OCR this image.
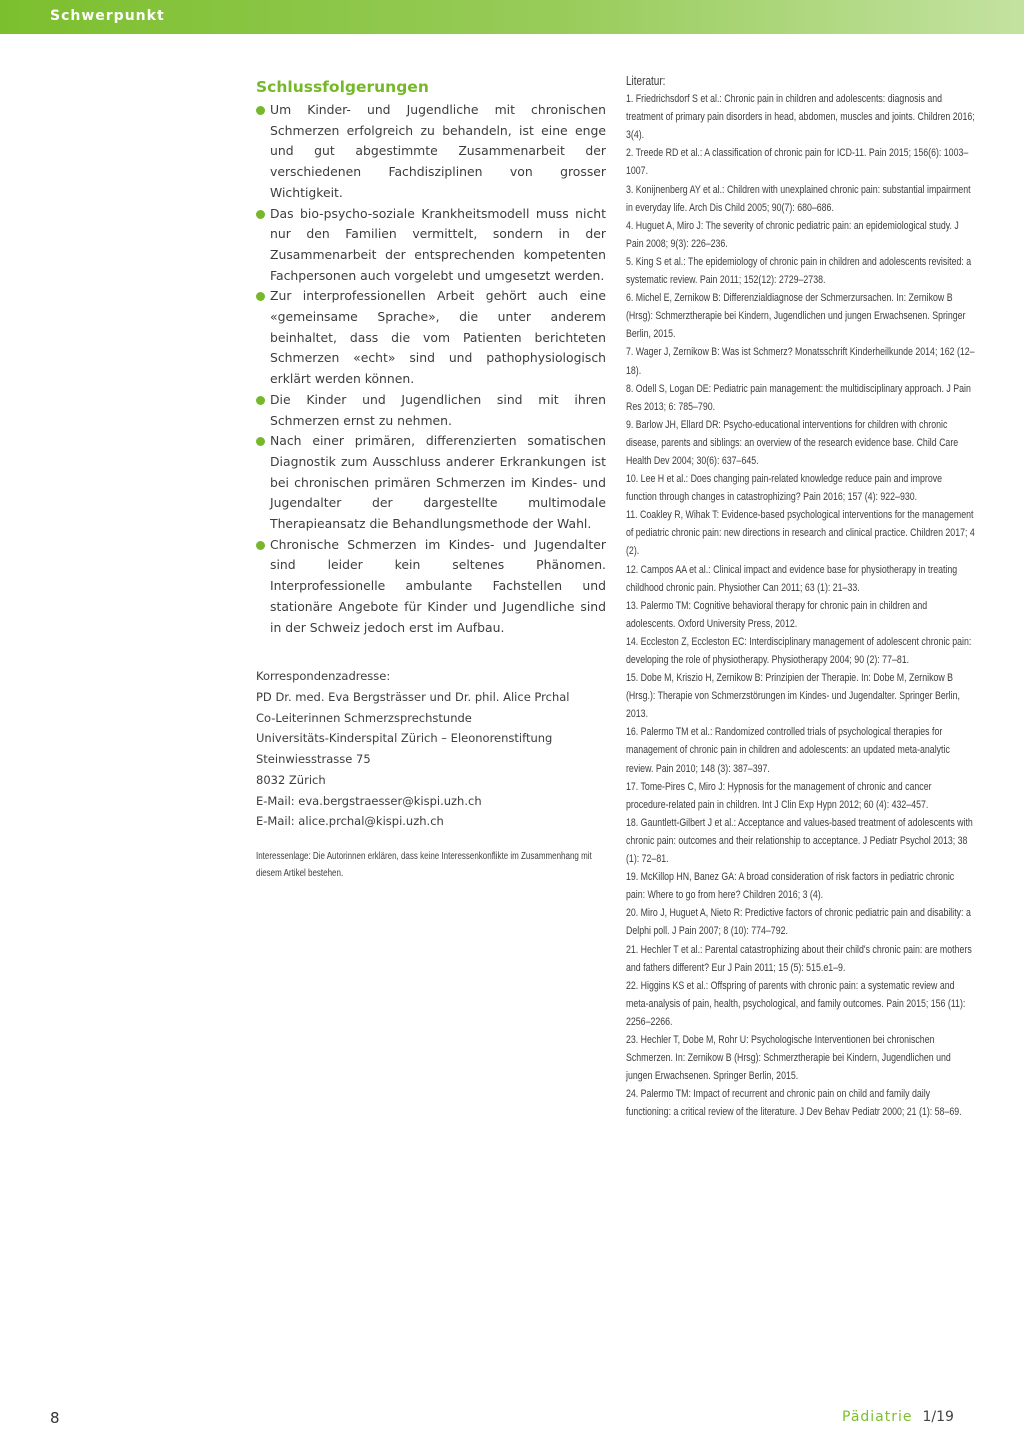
Schwerpunkt
Schlussfolgerungen
Um Kinder- und Jugendliche mit chronischen Schmerzen erfolgreich zu behandeln, ist eine enge und gut abgestimmte Zusammenarbeit der verschiedenen Fachdisziplinen von grosser Wichtigkeit.
Das bio-psycho-soziale Krankheitsmodell muss nicht nur den Familien vermittelt, sondern in der Zusammenarbeit der entsprechenden kompetenten Fachpersonen auch vorgelebt und umgesetzt werden.
Zur interprofessionellen Arbeit gehört auch eine «gemeinsame Sprache», die unter anderem beinhaltet, dass die vom Patienten berichteten Schmerzen «echt» sind und pathophysiologisch erklärt werden können.
Die Kinder und Jugendlichen sind mit ihren Schmerzen ernst zu nehmen.
Nach einer primären, differenzierten somatischen Diagnostik zum Ausschluss anderer Erkrankungen ist bei chronischen primären Schmerzen im Kindes- und Jugendalter der dargestellte multimodale Therapieansatz die Behandlungsmethode der Wahl.
Chronische Schmerzen im Kindes- und Jugendalter sind leider kein seltenes Phänomen. Interprofessionelle ambulante Fachstellen und stationäre Angebote für Kinder und Jugendliche sind in der Schweiz jedoch erst im Aufbau.
Korrespondenzadresse:
PD Dr. med. Eva Bergsträsser und Dr. phil. Alice Prchal
Co-Leiterinnen Schmerzsprechstunde
Universitäts-Kinderspital Zürich – Eleonorenstiftung
Steinwiesstrasse 75
8032 Zürich
E-Mail: eva.bergstraesser@kispi.uzh.ch
E-Mail: alice.prchal@kispi.uzh.ch
Interessenlage: Die Autorinnen erklären, dass keine Interessenkonflikte im Zusammenhang mit diesem Artikel bestehen.

Literatur:

1. Friedrichsdorf S et al.: Chronic pain in children and adolescents: diagnosis and treatment of primary pain disorders in head, abdomen, muscles and joints. Children 2016; 3(4).

2. Treede RD et al.: A classification of chronic pain for ICD-11. Pain 2015; 156(6): 1003–1007.

3. Konijnenberg AY et al.: Children with unexplained chronic pain: substantial impairment in everyday life. Arch Dis Child 2005; 90(7): 680–686.

4. Huguet A, Miro J: The severity of chronic pediatric pain: an epidemiological study. J Pain 2008; 9(3): 226–236.

5. King S et al.: The epidemiology of chronic pain in children and adolescents revisited: a systematic review. Pain 2011; 152(12): 2729–2738.

6. Michel E, Zernikow B: Differenzialdiagnose der Schmerzursachen. In: Zernikow B (Hrsg): Schmerztherapie bei Kindern, Jugendlichen und jungen Erwachsenen. Springer Berlin, 2015.

7. Wager J, Zernikow B: Was ist Schmerz? Monatsschrift Kinderheilkunde 2014; 162 (12–18).

8. Odell S, Logan DE: Pediatric pain management: the multidisciplinary approach. J Pain Res 2013; 6: 785–790.

9. Barlow JH, Ellard DR: Psycho-educational interventions for children with chronic disease, parents and siblings: an overview of the research evidence base. Child Care Health Dev 2004; 30(6): 637–645.

10. Lee H et al.: Does changing pain-related knowledge reduce pain and improve function through changes in catastrophizing? Pain 2016; 157 (4): 922–930.

11. Coakley R, Wihak T: Evidence-based psychological interventions for the management of pediatric chronic pain: new directions in research and clinical practice. Children 2017; 4 (2).

12. Campos AA et al.: Clinical impact and evidence base for physiotherapy in treating childhood chronic pain. Physiother Can 2011; 63 (1): 21–33.

13. Palermo TM: Cognitive behavioral therapy for chronic pain in children and adolescents. Oxford University Press, 2012.

14. Eccleston Z, Eccleston EC: Interdisciplinary management of adolescent chronic pain: developing the role of physiotherapy. Physiotherapy 2004; 90 (2): 77–81.

15. Dobe M, Kriszio H, Zernikow B: Prinzipien der Therapie. In: Dobe M, Zernikow B (Hrsg.): Therapie von Schmerzstörungen im Kindes- und Jugendalter. Springer Berlin, 2013.

16. Palermo TM et al.: Randomized controlled trials of psychological therapies for management of chronic pain in children and adolescents: an updated meta-analytic review. Pain 2010; 148 (3): 387–397.

17. Tome-Pires C, Miro J: Hypnosis for the management of chronic and cancer procedure-related pain in children. Int J Clin Exp Hypn 2012; 60 (4): 432–457.

18. Gauntlett-Gilbert J et al.: Acceptance and values-based treatment of adolescents with chronic pain: outcomes and their relationship to acceptance. J Pediatr Psychol 2013; 38 (1): 72–81.

19. McKillop HN, Banez GA: A broad consideration of risk factors in pediatric chronic pain: Where to go from here? Children 2016; 3 (4).

20. Miro J, Huguet A, Nieto R: Predictive factors of chronic pediatric pain and disability: a Delphi poll. J Pain 2007; 8 (10): 774–792.

21. Hechler T et al.: Parental catastrophizing about their child's chronic pain: are mothers and fathers different? Eur J Pain 2011; 15 (5): 515.e1–9.

22. Higgins KS et al.: Offspring of parents with chronic pain: a systematic review and meta-analysis of pain, health, psychological, and family outcomes. Pain 2015; 156 (11): 2256–2266.

23. Hechler T, Dobe M, Rohr U: Psychologische Interventionen bei chronischen Schmerzen. In: Zernikow B (Hrsg): Schmerztherapie bei Kindern, Jugendlichen und jungen Erwachsenen. Springer Berlin, 2015.

24. Palermo TM: Impact of recurrent and chronic pain on child and family daily functioning: a critical review of the literature. J Dev Behav Pediatr 2000; 21 (1): 58–69.

8	Pädiatrie 1/19
